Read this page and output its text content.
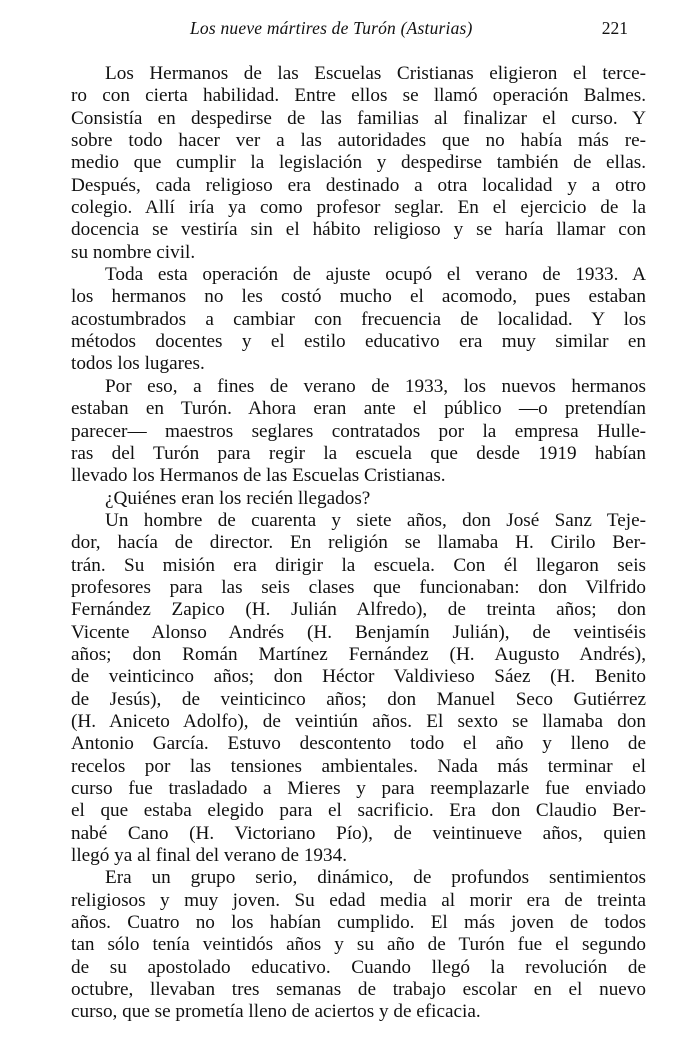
Los nueve mártires de Turón (Asturias)	221
Los Hermanos de las Escuelas Cristianas eligieron el terce-
ro con cierta habilidad. Entre ellos se llamó operación Balmes.
Consistía en despedirse de las familias al finalizar el curso. Y
sobre todo hacer ver a las autoridades que no había más re-
medio que cumplir la legislación y despedirse también de ellas.
Después, cada religioso era destinado a otra localidad y a otro
colegio. Allí iría ya como profesor seglar. En el ejercicio de la
docencia se vestiría sin el hábito religioso y se haría llamar con
su nombre civil.
Toda esta operación de ajuste ocupó el verano de 1933. A
los hermanos no les costó mucho el acomodo, pues estaban
acostumbrados a cambiar con frecuencia de localidad. Y los
métodos docentes y el estilo educativo era muy similar en
todos los lugares.
Por eso, a fines de verano de 1933, los nuevos hermanos
estaban en Turón. Ahora eran ante el público —o pretendían
parecer— maestros seglares contratados por la empresa Hulle-
ras del Turón para regir la escuela que desde 1919 habían
llevado los Hermanos de las Escuelas Cristianas.
¿Quiénes eran los recién llegados?
Un hombre de cuarenta y siete años, don José Sanz Teje-
dor, hacía de director. En religión se llamaba H. Cirilo Ber-
trán. Su misión era dirigir la escuela. Con él llegaron seis
profesores para las seis clases que funcionaban: don Vilfrido
Fernández Zapico (H. Julián Alfredo), de treinta años; don
Vicente Alonso Andrés (H. Benjamín Julián), de veintiséis
años; don Román Martínez Fernández (H. Augusto Andrés),
de veinticinco años; don Héctor Valdivieso Sáez (H. Benito
de Jesús), de veinticinco años; don Manuel Seco Gutiérrez
(H. Aniceto Adolfo), de veintiún años. El sexto se llamaba don
Antonio García. Estuvo descontento todo el año y lleno de
recelos por las tensiones ambientales. Nada más terminar el
curso fue trasladado a Mieres y para reemplazarle fue enviado
el que estaba elegido para el sacrificio. Era don Claudio Ber-
nabé Cano (H. Victoriano Pío), de veintinueve años, quien
llegó ya al final del verano de 1934.
Era un grupo serio, dinámico, de profundos sentimientos
religiosos y muy joven. Su edad media al morir era de treinta
años. Cuatro no los habían cumplido. El más joven de todos
tan sólo tenía veintidós años y su año de Turón fue el segundo
de su apostolado educativo. Cuando llegó la revolución de
octubre, llevaban tres semanas de trabajo escolar en el nuevo
curso, que se prometía lleno de aciertos y de eficacia.
